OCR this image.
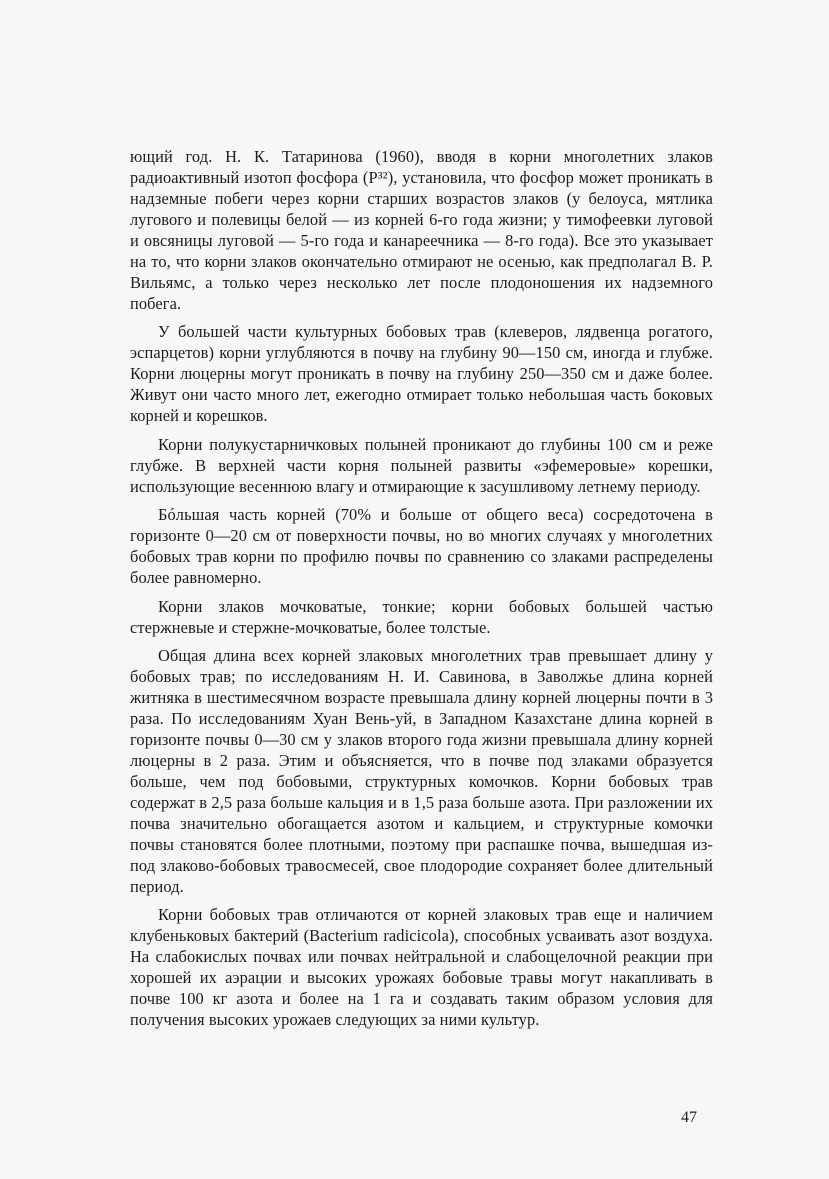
ющий год. Н. К. Татаринова (1960), вводя в корни многолетних злаков радиоактивный изотоп фосфора (P³²), установила, что фосфор может проникать в надземные побеги через корни старших возрастов злаков (у белоуса, мятлика лугового и полевицы белой — из корней 6-го года жизни; у тимофеевки луговой и овсяницы луговой — 5-го года и канареечника — 8-го года). Все это указывает на то, что корни злаков окончательно отмирают не осенью, как предполагал В. Р. Вильямс, а только через несколько лет после плодоношения их надземного побега.

У большей части культурных бобовых трав (клеверов, лядвенца рогатого, эспарцетов) корни углубляются в почву на глубину 90—150 см, иногда и глубже. Корни люцерны могут проникать в почву на глубину 250—350 см и даже более. Живут они часто много лет, ежегодно отмирает только небольшая часть боковых корней и корешков.

Корни полукустарничковых полыней проникают до глубины 100 см и реже глубже. В верхней части корня полыней развиты «эфемеровые» корешки, использующие весеннюю влагу и отмирающие к засушливому летнему периоду.

Бóльшая часть корней (70% и больше от общего веса) сосредоточена в горизонте 0—20 см от поверхности почвы, но во многих случаях у многолетних бобовых трав корни по профилю почвы по сравнению со злаками распределены более равномерно.

Корни злаков мочковатые, тонкие; корни бобовых большей частью стержневые и стержне-мочковатые, более толстые.

Общая длина всех корней злаковых многолетних трав превышает длину у бобовых трав; по исследованиям Н. И. Савинова, в Заволжье длина корней житняка в шестимесячном возрасте превышала длину корней люцерны почти в 3 раза. По исследованиям Хуан Вень-уй, в Западном Казахстане длина корней в горизонте почвы 0—30 см у злаков второго года жизни превышала длину корней люцерны в 2 раза. Этим и объясняется, что в почве под злаками образуется больше, чем под бобовыми, структурных комочков. Корни бобовых трав содержат в 2,5 раза больше кальция и в 1,5 раза больше азота. При разложении их почва значительно обогащается азотом и кальцием, и структурные комочки почвы становятся более плотными, поэтому при распашке почва, вышедшая из-под злаково-бобовых травосмесей, свое плодородие сохраняет более длительный период.

Корни бобовых трав отличаются от корней злаковых трав еще и наличием клубеньковых бактерий (Bacterium radicicola), способных усваивать азот воздуха. На слабокислых почвах или почвах нейтральной и слабощелочной реакции при хорошей их аэрации и высоких урожаях бобовые травы могут накапливать в почве 100 кг азота и более на 1 га и создавать таким образом условия для получения высоких урожаев следующих за ними культур.

47
